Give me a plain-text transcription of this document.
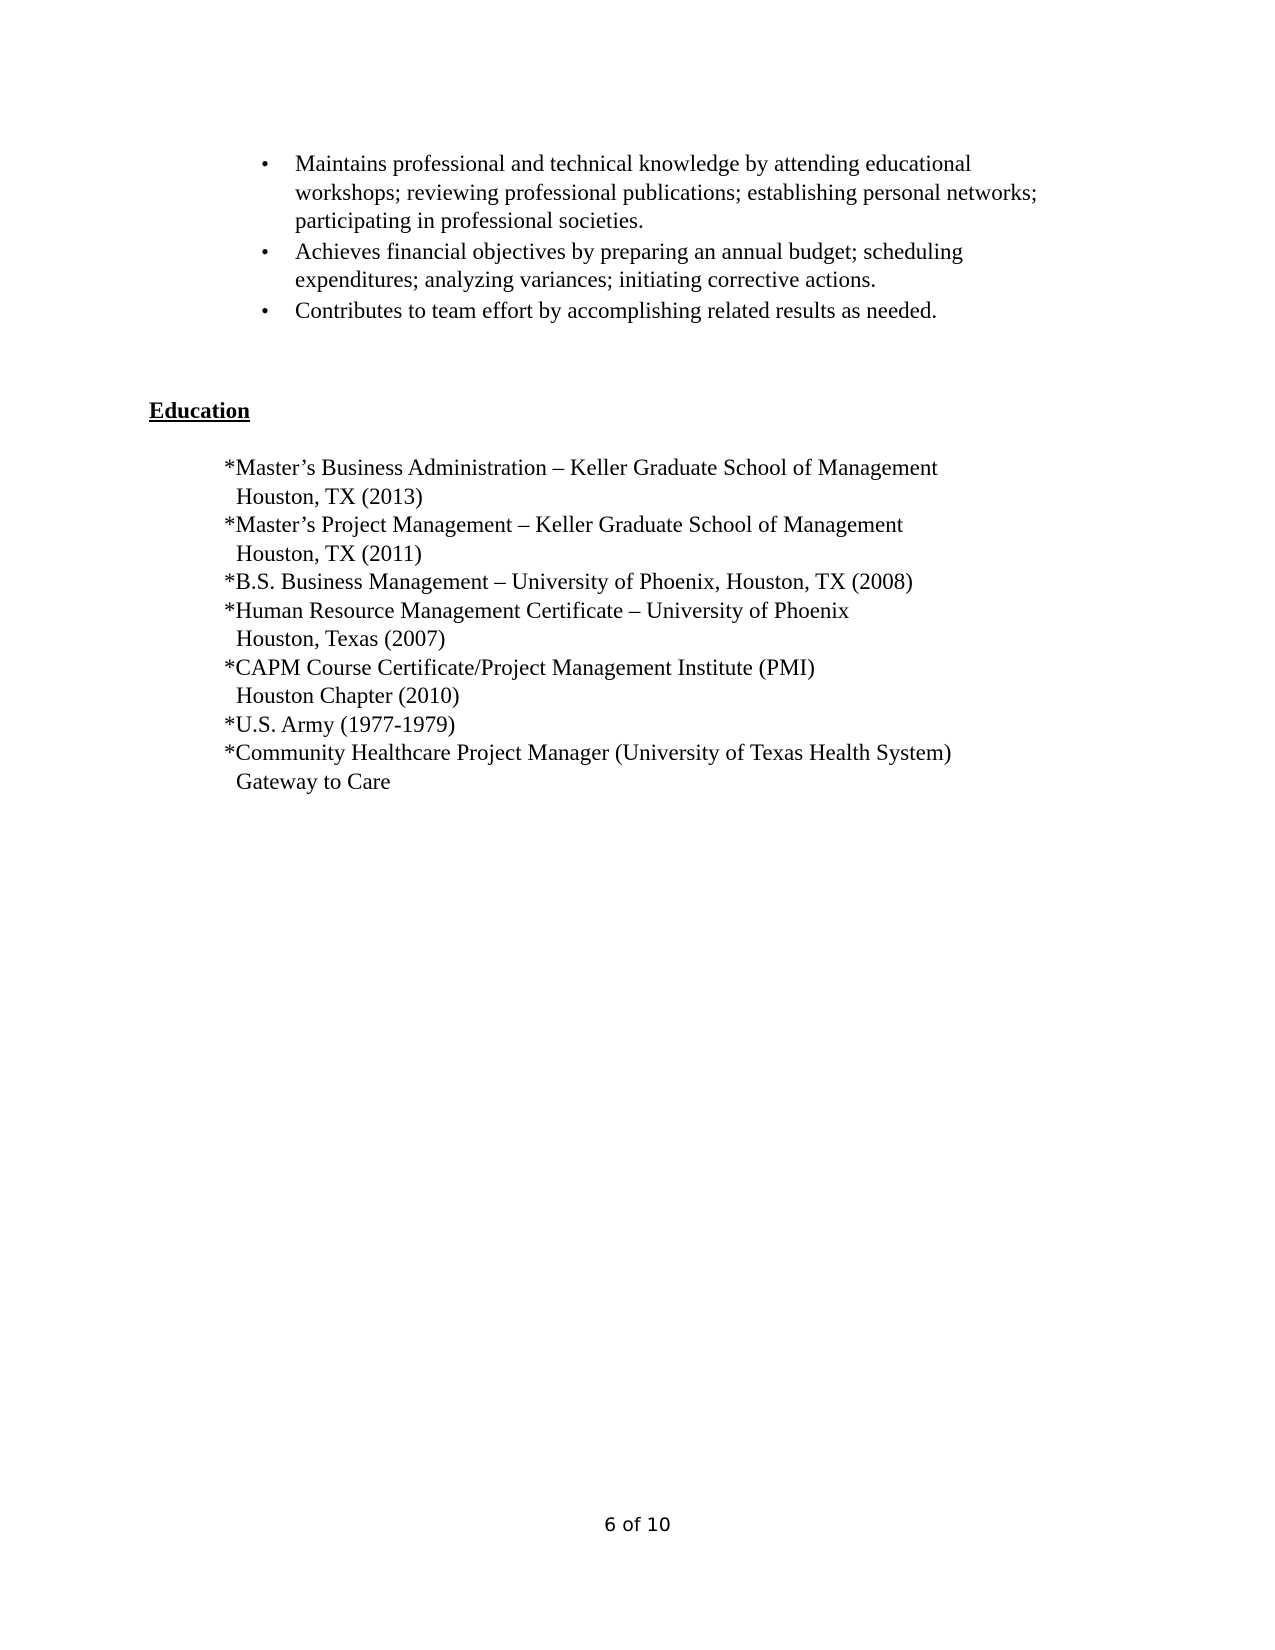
• Maintains professional and technical knowledge by attending educational
workshops; reviewing professional publications; establishing personal networks;
participating in professional societies.
• Achieves financial objectives by preparing an annual budget; scheduling
expenditures; analyzing variances; initiating corrective actions.
• Contributes to team effort by accomplishing related results as needed.
Education
*Master’s Business Administration – Keller Graduate School of Management
Houston, TX (2013)
*Master’s Project Management – Keller Graduate School of Management
Houston, TX (2011)
*B.S. Business Management – University of Phoenix, Houston, TX (2008)
*Human Resource Management Certificate – University of Phoenix
Houston, Texas (2007)
*CAPM Course Certificate/Project Management Institute (PMI)
Houston Chapter (2010)
*U.S. Army (1977-1979)
*Community Healthcare Project Manager (University of Texas Health System)
Gateway to Care
6 of 10
